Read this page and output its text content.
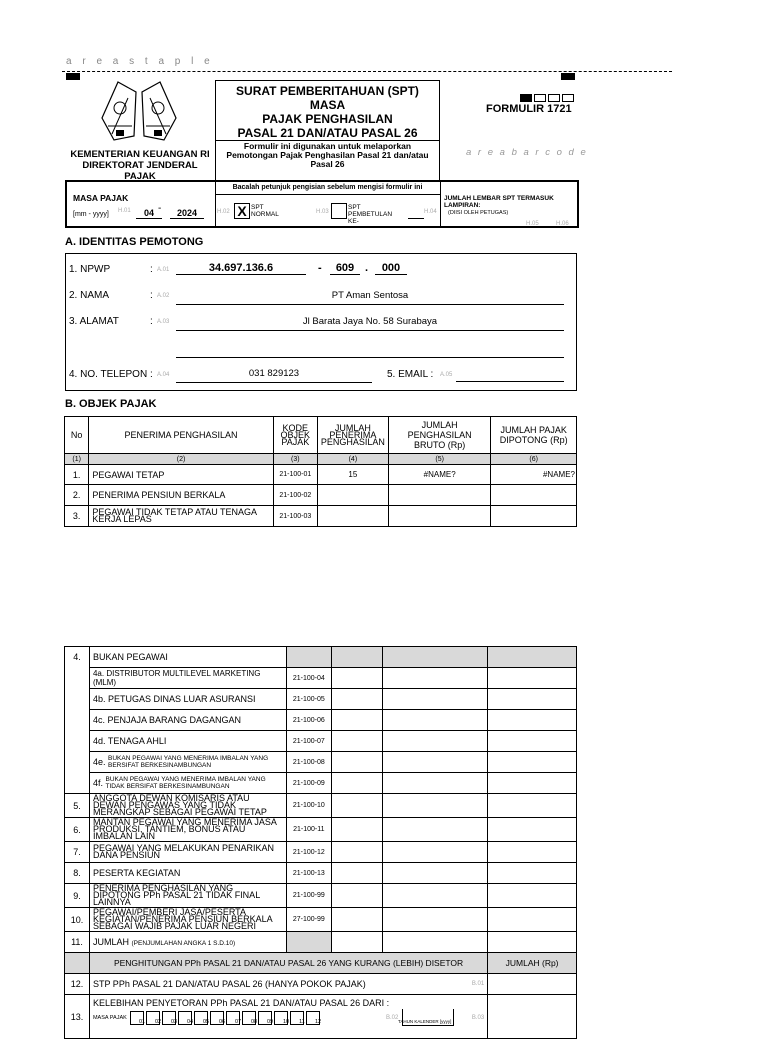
a r e a s t a p l e
KEMENTERIAN KEUANGAN RI
DIREKTORAT JENDERAL
PAJAK
SURAT PEMBERITAHUAN (SPT)
MASA
PAJAK PENGHASILAN
PASAL 21 DAN/ATAU PASAL 26
Formulir ini digunakan untuk melaporkan Pemotongan Pajak Penghasilan Pasal 21 dan/atau Pasal 26
Bacalah petunjuk pengisian sebelum mengisi formulir ini
FORMULIR 1721
a r e a b a r c o d e
MASA PAJAK
[mm - yyyy] H.01	04 -	2024	H.02 X SPT NORMAL	H.03
SPT PEMBETULAN KE-
H.04
JUMLAH LEMBAR SPT TERMASUK LAMPIRAN:
(DIISI OLEH PETUGAS)
H.05	H.06
A. IDENTITAS PEMOTONG
1. NPWP	: A.01	34.697.136.6	-	609 .	000
2. NAMA	: A.02	PT Aman Sentosa
3. ALAMAT	: A.03	Jl Barata Jaya No. 58 Surabaya
4. NO. TELEPON : A.04	031 829123	5. EMAIL : A.05
B. OBJEK PAJAK
No	PENERIMA PENGHASILAN	KODE OBJEK PAJAK	JUMLAH PENERIMA PENGHASILAN	JUMLAH PENGHASILAN BRUTO (Rp)	JUMLAH PAJAK DIPOTONG (Rp)
(1)	(2)	(3)	(4)	(5)	(6)
1.	PEGAWAI TETAP	21-100-01	15	#NAME?	#NAME?
2.	PENERIMA PENSIUN BERKALA	21-100-02			
3.	PEGAWAI TIDAK TETAP ATAU TENAGA KERJA LEPAS	21-100-03			
4.	BUKAN PEGAWAI				
	4a. DISTRIBUTOR MULTILEVEL MARKETING (MLM)	21-100-04			
	4b. PETUGAS DINAS LUAR ASURANSI	21-100-05			
	4c. PENJAJA BARANG DAGANGAN	21-100-06			
	4d. TENAGA AHLI	21-100-07			
	4e. BUKAN PEGAWAI YANG MENERIMA IMBALAN YANG BERSIFAT BERKESINAMBUNGAN	21-100-08			
	4f. BUKAN PEGAWAI YANG MENERIMA IMBALAN YANG TIDAK BERSIFAT BERKESINAMBUNGAN	21-100-09			
5.	ANGGOTA DEWAN KOMISARIS ATAU DEWAN PENGAWAS YANG TIDAK MERANGKAP SEBAGAI PEGAWAI TETAP	21-100-10			
6.	MANTAN PEGAWAI YANG MENERIMA JASA PRODUKSI, TANTIEM, BONUS ATAU IMBALAN LAIN	21-100-11			
7.	PEGAWAI YANG MELAKUKAN PENARIKAN DANA PENSIUN	21-100-12			
8.	PESERTA KEGIATAN	21-100-13			
9.	PENERIMA PENGHASILAN YANG DIPOTONG PPh PASAL 21 TIDAK FINAL LAINNYA	21-100-99			
10.	PEGAWAI/PEMBERI JASA/PESERTA KEGIATAN/PENERIMA PENSIUN BERKALA SEBAGAI WAJIB PAJAK LUAR NEGERI	27-100-99			
11.	JUMLAH (PENJUMLAHAN ANGKA 1 S.D.10)				
	PENGHITUNGAN PPh PASAL 21 DAN/ATAU PASAL 26 YANG KURANG (LEBIH) DISETOR				JUMLAH (Rp)
12.	STP PPh PASAL 21 DAN/ATAU PASAL 26 (HANYA POKOK PAJAK) B.01				

13.	KELEBIHAN PENYETORAN PPh PASAL 21 DAN/ATAU PASAL 26 DARI :
MASA PAJAK B.02 B.03				

01 02 03 04 05 06 07 08 09 10 11 12	TAHUN KALENDER [yyyy]
